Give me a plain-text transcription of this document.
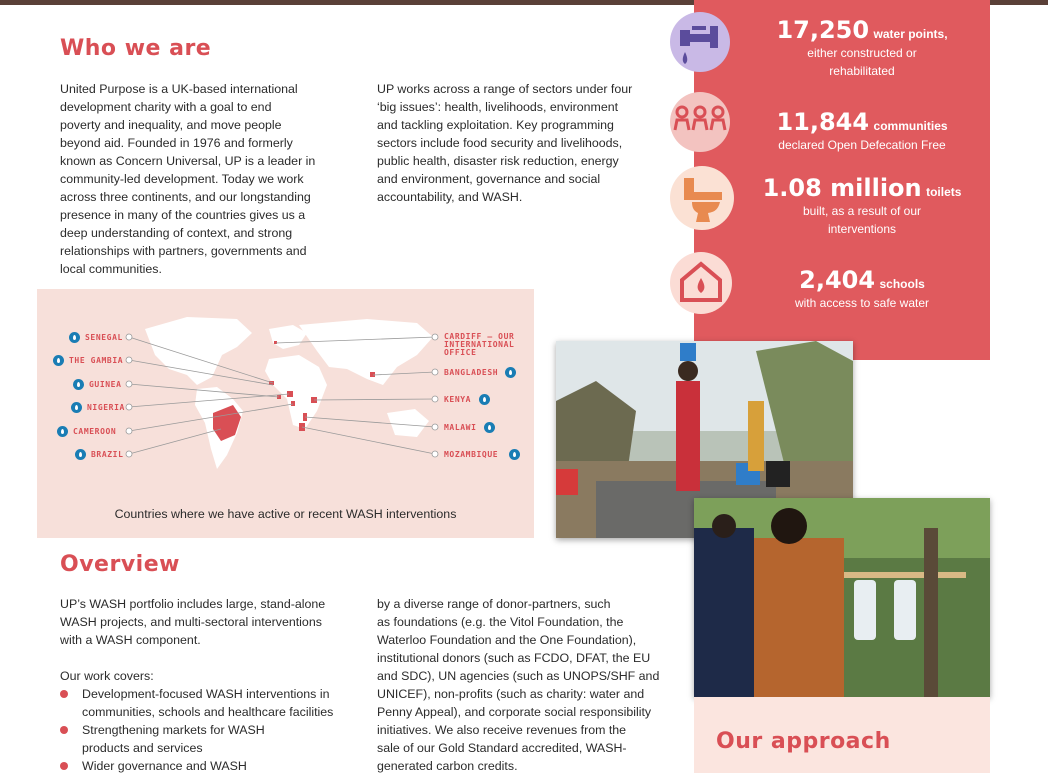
Who we are
United Purpose is a UK-based international
development charity with a goal to end
poverty and inequality, and move people
beyond aid. Founded in 1976 and formerly
known as Concern Universal, UP is a leader in
community-led development. Today we work
across three continents, and our longstanding
presence in many of the countries gives us a
deep understanding of context, and strong
relationships with partners, governments and
local communities.
UP works across a range of sectors under four
‘big issues’: health, livelihoods, environment
and tackling exploitation. Key programming
sectors include food security and livelihoods,
public health, disaster risk reduction, energy
and environment, governance and social
accountability, and WASH.
17,250 water points,
either constructed or
rehabilitated
11,844 communities
declared Open Defecation Free
1.08 million toilets
built, as a result of our
interventions
2,404 schools
with access to safe water
SENEGAL
THE GAMBIA
GUINEA
NIGERIA
CAMEROON
BRAZIL
CARDIFF – OUR
INTERNATIONAL
OFFICE
BANGLADESH
KENYA
MALAWI
MOZAMBIQUE
Countries where we have active or recent WASH interventions
Overview
UP’s WASH portfolio includes large, stand-alone
WASH projects, and multi-sectoral interventions
with a WASH component.
Our work covers:
Development-focused WASH interventions in
communities, schools and healthcare facilities
Strengthening markets for WASH
products and services
Wider governance and WASH
by a diverse range of donor-partners, such
as foundations (e.g. the Vitol Foundation, the
Waterloo Foundation and the One Foundation),
institutional donors (such as FCDO, DFAT, the EU
and SDC), UN agencies (such as UNOPS/SHF and
UNICEF), non-profits (such as charity: water and
Penny Appeal), and corporate social responsibility
initiatives. We also receive revenues from the
sale of our Gold Standard accredited, WASH-
generated carbon credits.
Our approach
